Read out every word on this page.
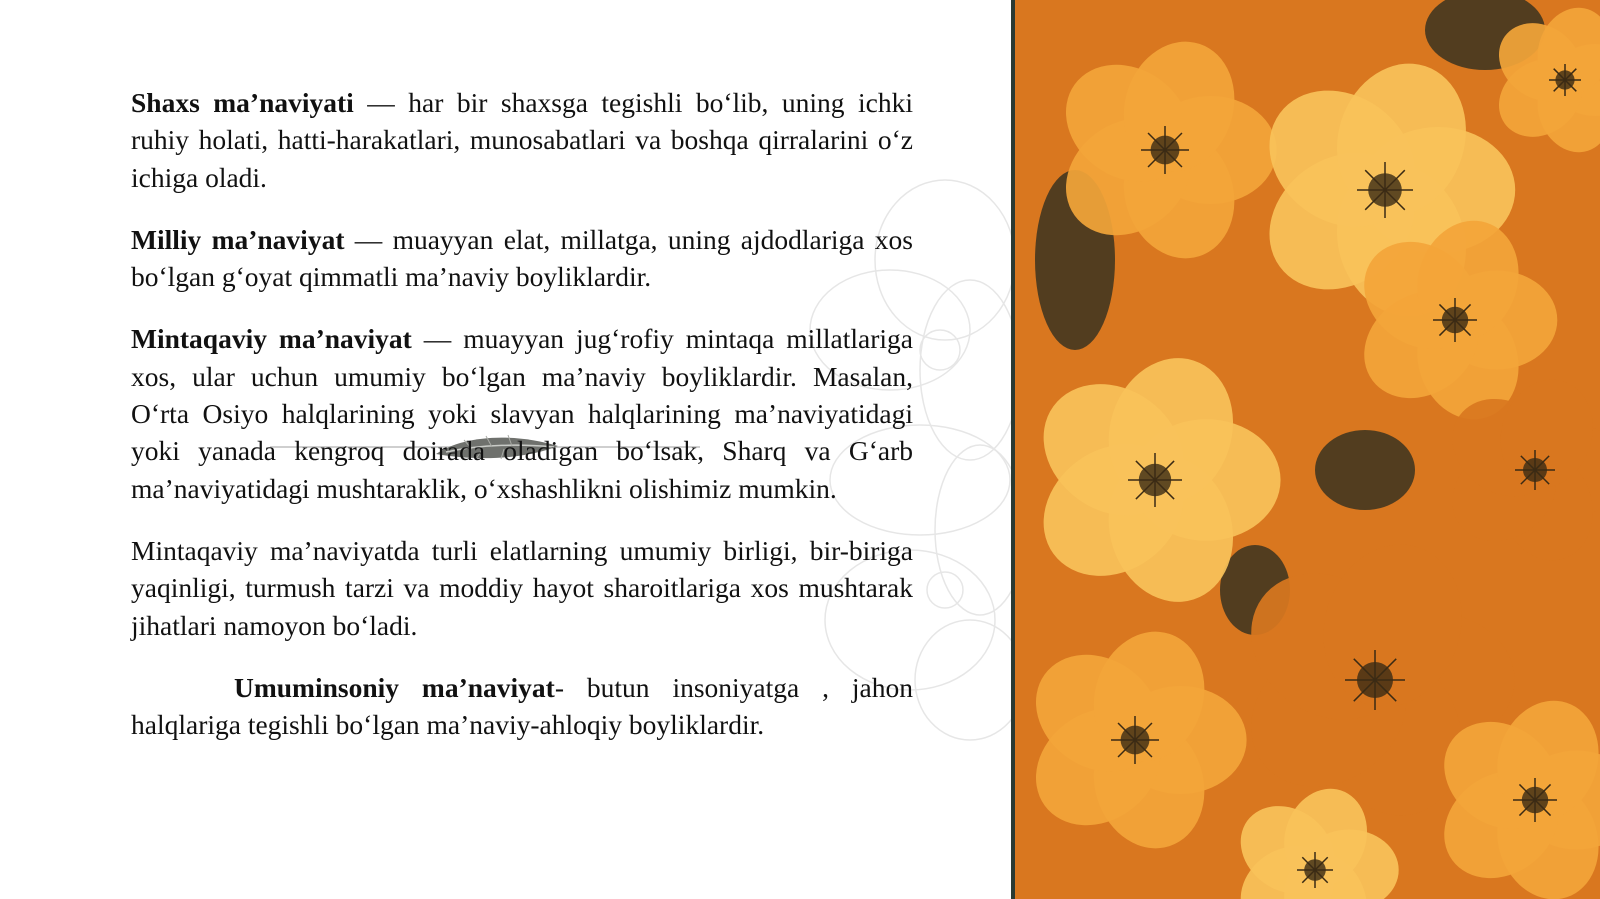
Shaxs ma’naviyati — har bir shaxsga tegishli bo‘lib, uning ichki ruhiy holati, hatti-harakatlari, munosabatlari va boshqa qirralarini o‘z ichiga oladi.

Milliy ma’naviyat — muayyan elat, millatga, uning ajdodlariga xos bo‘lgan g‘oyat qimmatli ma’naviy boyliklardir.

Mintaqaviy ma’naviyat — muayyan jug‘rofiy mintaqa millatlariga xos, ular uchun umumiy bo‘lgan ma’naviy boyliklardir. Masalan, O‘rta Osiyo halqlarining yoki slavyan halqlarining ma’naviyatidagi yoki yanada kengroq doirada oladigan bo‘lsak, Sharq va G‘arb ma’naviyatidagi mushtaraklik, o‘xshashlikni olishimiz mumkin.

Mintaqaviy ma’naviyatda turli elatlarning umumiy birligi, bir-biriga yaqinligi, turmush tarzi va moddiy hayot sharoitlariga xos mushtarak jihatlari namoyon bo‘ladi.

Umuminsoniy ma’naviyat- butun insoniyatga , jahon halqlariga tegishli bo‘lgan ma’naviy-ahloqiy boyliklardir.
